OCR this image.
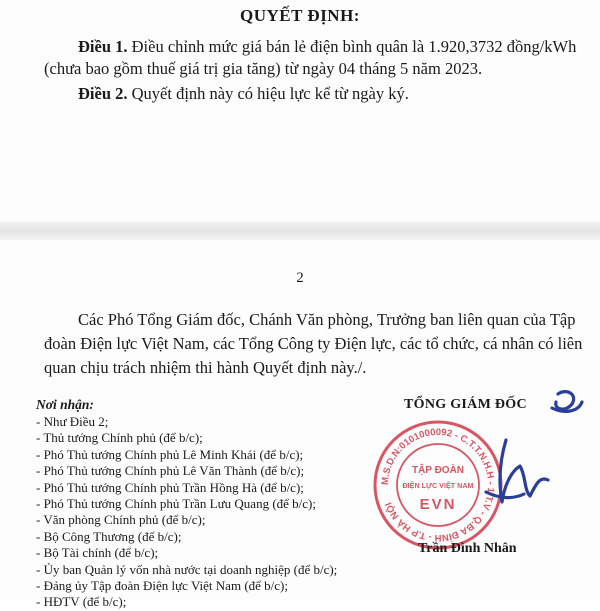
QUYẾT ĐỊNH:
Điều 1. Điều chỉnh mức giá bán lẻ điện bình quân là 1.920,3732 đồng/kWh (chưa bao gồm thuế giá trị gia tăng) từ ngày 04 tháng 5 năm 2023.
Điều 2. Quyết định này có hiệu lực kể từ ngày ký.
2
Các Phó Tổng Giám đốc, Chánh Văn phòng, Trưởng ban liên quan của Tập đoàn Điện lực Việt Nam, các Tổng Công ty Điện lực, các tổ chức, cá nhân có liên quan chịu trách nhiệm thi hành Quyết định này./.
Nơi nhận:
- Như Điều 2;
- Thủ tướng Chính phủ (để b/c);
- Phó Thủ tướng Chính phủ Lê Minh Khái (để b/c);
- Phó Thủ tướng Chính phủ Lê Văn Thành (để b/c);
- Phó Thủ tướng Chính phủ Trần Hồng Hà (để b/c);
- Phó Thủ tướng Chính phủ Trần Lưu Quang (để b/c);
- Văn phòng Chính phủ (để b/c);
- Bộ Công Thương (để b/c);
- Bộ Tài chính (để b/c);
- Ủy ban Quản lý vốn nhà nước tại doanh nghiệp (để b/c);
- Đảng ủy Tập đoàn Điện lực Việt Nam (để b/c);
- HĐTV (để b/c);
TỔNG GIÁM ĐỐC
M.S.D.N:0101000092 - C.T.T.N.H.H - 1 T.V - Q.BA ĐÌNH - T.P HÀ NỘI
TẬP ĐOÀN
ĐIỆN LỰC VIỆT NAM
EVN
Trần Đình Nhân
